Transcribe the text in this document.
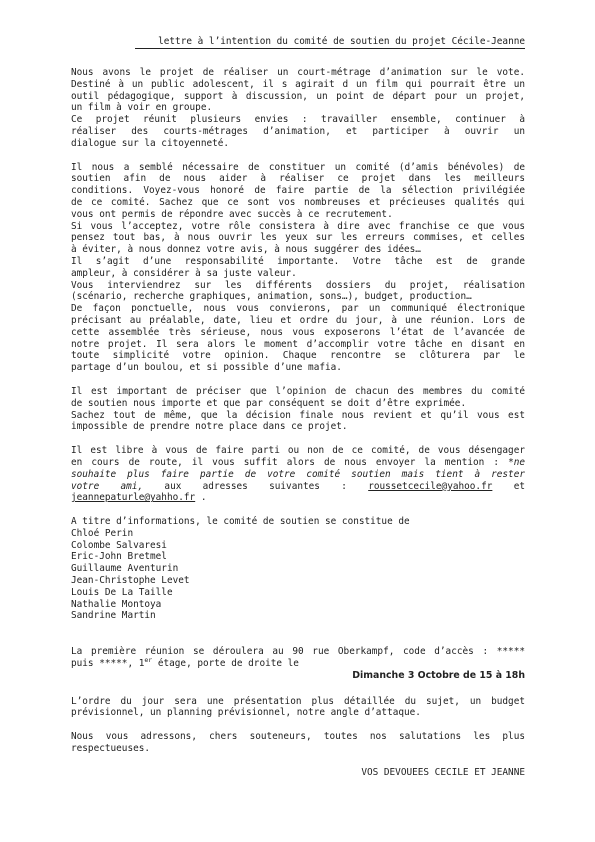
lettre à l’intention du comité de soutien du projet Cécile-Jeanne
Nous avons le projet de réaliser un court-métrage d’animation sur le vote.
Destiné à un public adolescent, il s agirait d un film qui pourrait être un
outil pédagogique, support à discussion, un point de départ pour un projet,
un film à voir en groupe.
Ce projet réunit plusieurs envies : travailler ensemble, continuer à
réaliser des courts-métrages d’animation, et participer à ouvrir un
dialogue sur la citoyenneté.
Il nous a semblé nécessaire de constituer un comité (d’amis bénévoles) de
soutien afin de nous aider à réaliser ce projet dans les meilleurs
conditions. Voyez-vous honoré de faire partie de la sélection privilégiée
de ce comité. Sachez que ce sont vos nombreuses et précieuses qualités qui
vous ont permis de répondre avec succès à ce recrutement.
Si vous l’acceptez, votre rôle consistera à dire avec franchise ce que vous
pensez tout bas, à nous ouvrir les yeux sur les erreurs commises, et celles
à éviter, à nous donnez votre avis, à nous suggérer des idées…
Il s’agit d’une responsabilité importante. Votre tâche est de grande
ampleur, à considérer à sa juste valeur.
Vous interviendrez sur les différents dossiers du projet, réalisation
(scénario, recherche graphiques, animation, sons…), budget, production…
De façon ponctuelle, nous vous convierons, par un communiqué électronique
précisant au préalable, date, lieu et ordre du jour, à une réunion. Lors de
cette assemblée très sérieuse, nous vous exposerons l’état de l’avancée de
notre projet. Il sera alors le moment d’accomplir votre tâche en disant en
toute simplicité votre opinion. Chaque rencontre se clôturera par le
partage d’un boulou, et si possible d’une mafia.
Il est important de préciser que l’opinion de chacun des membres du comité
de soutien nous importe et que par conséquent se doit d’être exprimée.
Sachez tout de même, que la décision finale nous revient et qu’il vous est
impossible de prendre notre place dans ce projet.
Il est libre à vous de faire parti ou non de ce comité, de vous désengager
en cours de route, il vous suffit alors de nous envoyer la mention : *ne
souhaite plus faire partie de votre comité soutien mais tient à rester
votre ami, aux adresses suivantes : roussetcecile@yahoo.fr et
jeannepaturle@yahho.fr .
A titre d’informations, le comité de soutien se constitue de
Chloé Perin
Colombe Salvaresi
Eric-John Bretmel
Guillaume Aventurin
Jean-Christophe Levet
Louis De La Taille
Nathalie Montoya
Sandrine Martin
La première réunion se déroulera au 90 rue Oberkampf, code d’accès : *****
puis *****, 1er étage, porte de droite le
Dimanche 3 Octobre de 15 à 18h
L’ordre du jour sera une présentation plus détaillée du sujet, un budget
prévisionnel, un planning prévisionnel, notre angle d’attaque.
Nous vous adressons, chers souteneurs, toutes nos salutations les plus
respectueuses.
VOS DEVOUEES CECILE ET JEANNE
